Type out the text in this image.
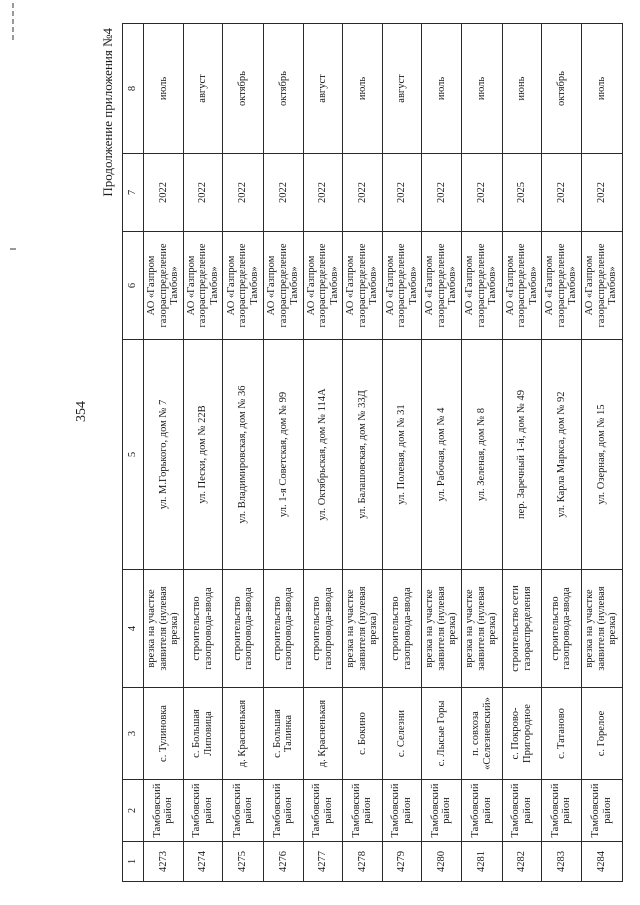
354
Продолжение приложения №4
1	2	3	4	5	6	7	8
4273	Тамбовский район	с. Тулиновка	врезка на участке заявителя (нулевая врезка)	ул. М.Горького, дом № 7	АО «Газпром газораспределение Тамбов»	2022	июль
4274	Тамбовский район	с. Большая Липовица	строительство газопровода-ввода	ул. Пески, дом № 22В	АО «Газпром газораспределение Тамбов»	2022	август
4275	Тамбовский район	д. Красненькая	строительство газопровода-ввода	ул. Владимировская, дом № 36	АО «Газпром газораспределение Тамбов»	2022	октябрь
4276	Тамбовский район	с. Большая Талинка	строительство газопровода-ввода	ул. 1-я Советская, дом № 99	АО «Газпром газораспределение Тамбов»	2022	октябрь
4277	Тамбовский район	д. Красненькая	строительство газопровода-ввода	ул. Октябрьская, дом № 114А	АО «Газпром газораспределение Тамбов»	2022	август
4278	Тамбовский район	с. Бокино	врезка на участке заявителя (нулевая врезка)	ул. Балашовская, дом № 33Д	АО «Газпром газораспределение Тамбов»	2022	июль
4279	Тамбовский район	с. Селезни	строительство газопровода-ввода	ул. Полевая, дом № 31	АО «Газпром газораспределение Тамбов»	2022	август
4280	Тамбовский район	с. Лысые Горы	врезка на участке заявителя (нулевая врезка)	ул. Рабочая, дом № 4	АО «Газпром газораспределение Тамбов»	2022	июль
4281	Тамбовский район	п. совхоза «Селезневский»	врезка на участке заявителя (нулевая врезка)	ул. Зеленая, дом № 8	АО «Газпром газораспределение Тамбов»	2022	июль
4282	Тамбовский район	с. Покрово-Пригородное	строительство сети газораспределения	пер. Заречный 1-й, дом № 49	АО «Газпром газораспределение Тамбов»	2025	июнь
4283	Тамбовский район	с. Татаново	строительство газопровода-ввода	ул. Карла Маркса, дом № 92	АО «Газпром газораспределение Тамбов»	2022	октябрь
4284	Тамбовский район	с. Горелое	врезка на участке заявителя (нулевая врезка)	ул. Озерная, дом № 15	АО «Газпром газораспределение Тамбов»	2022	июль
